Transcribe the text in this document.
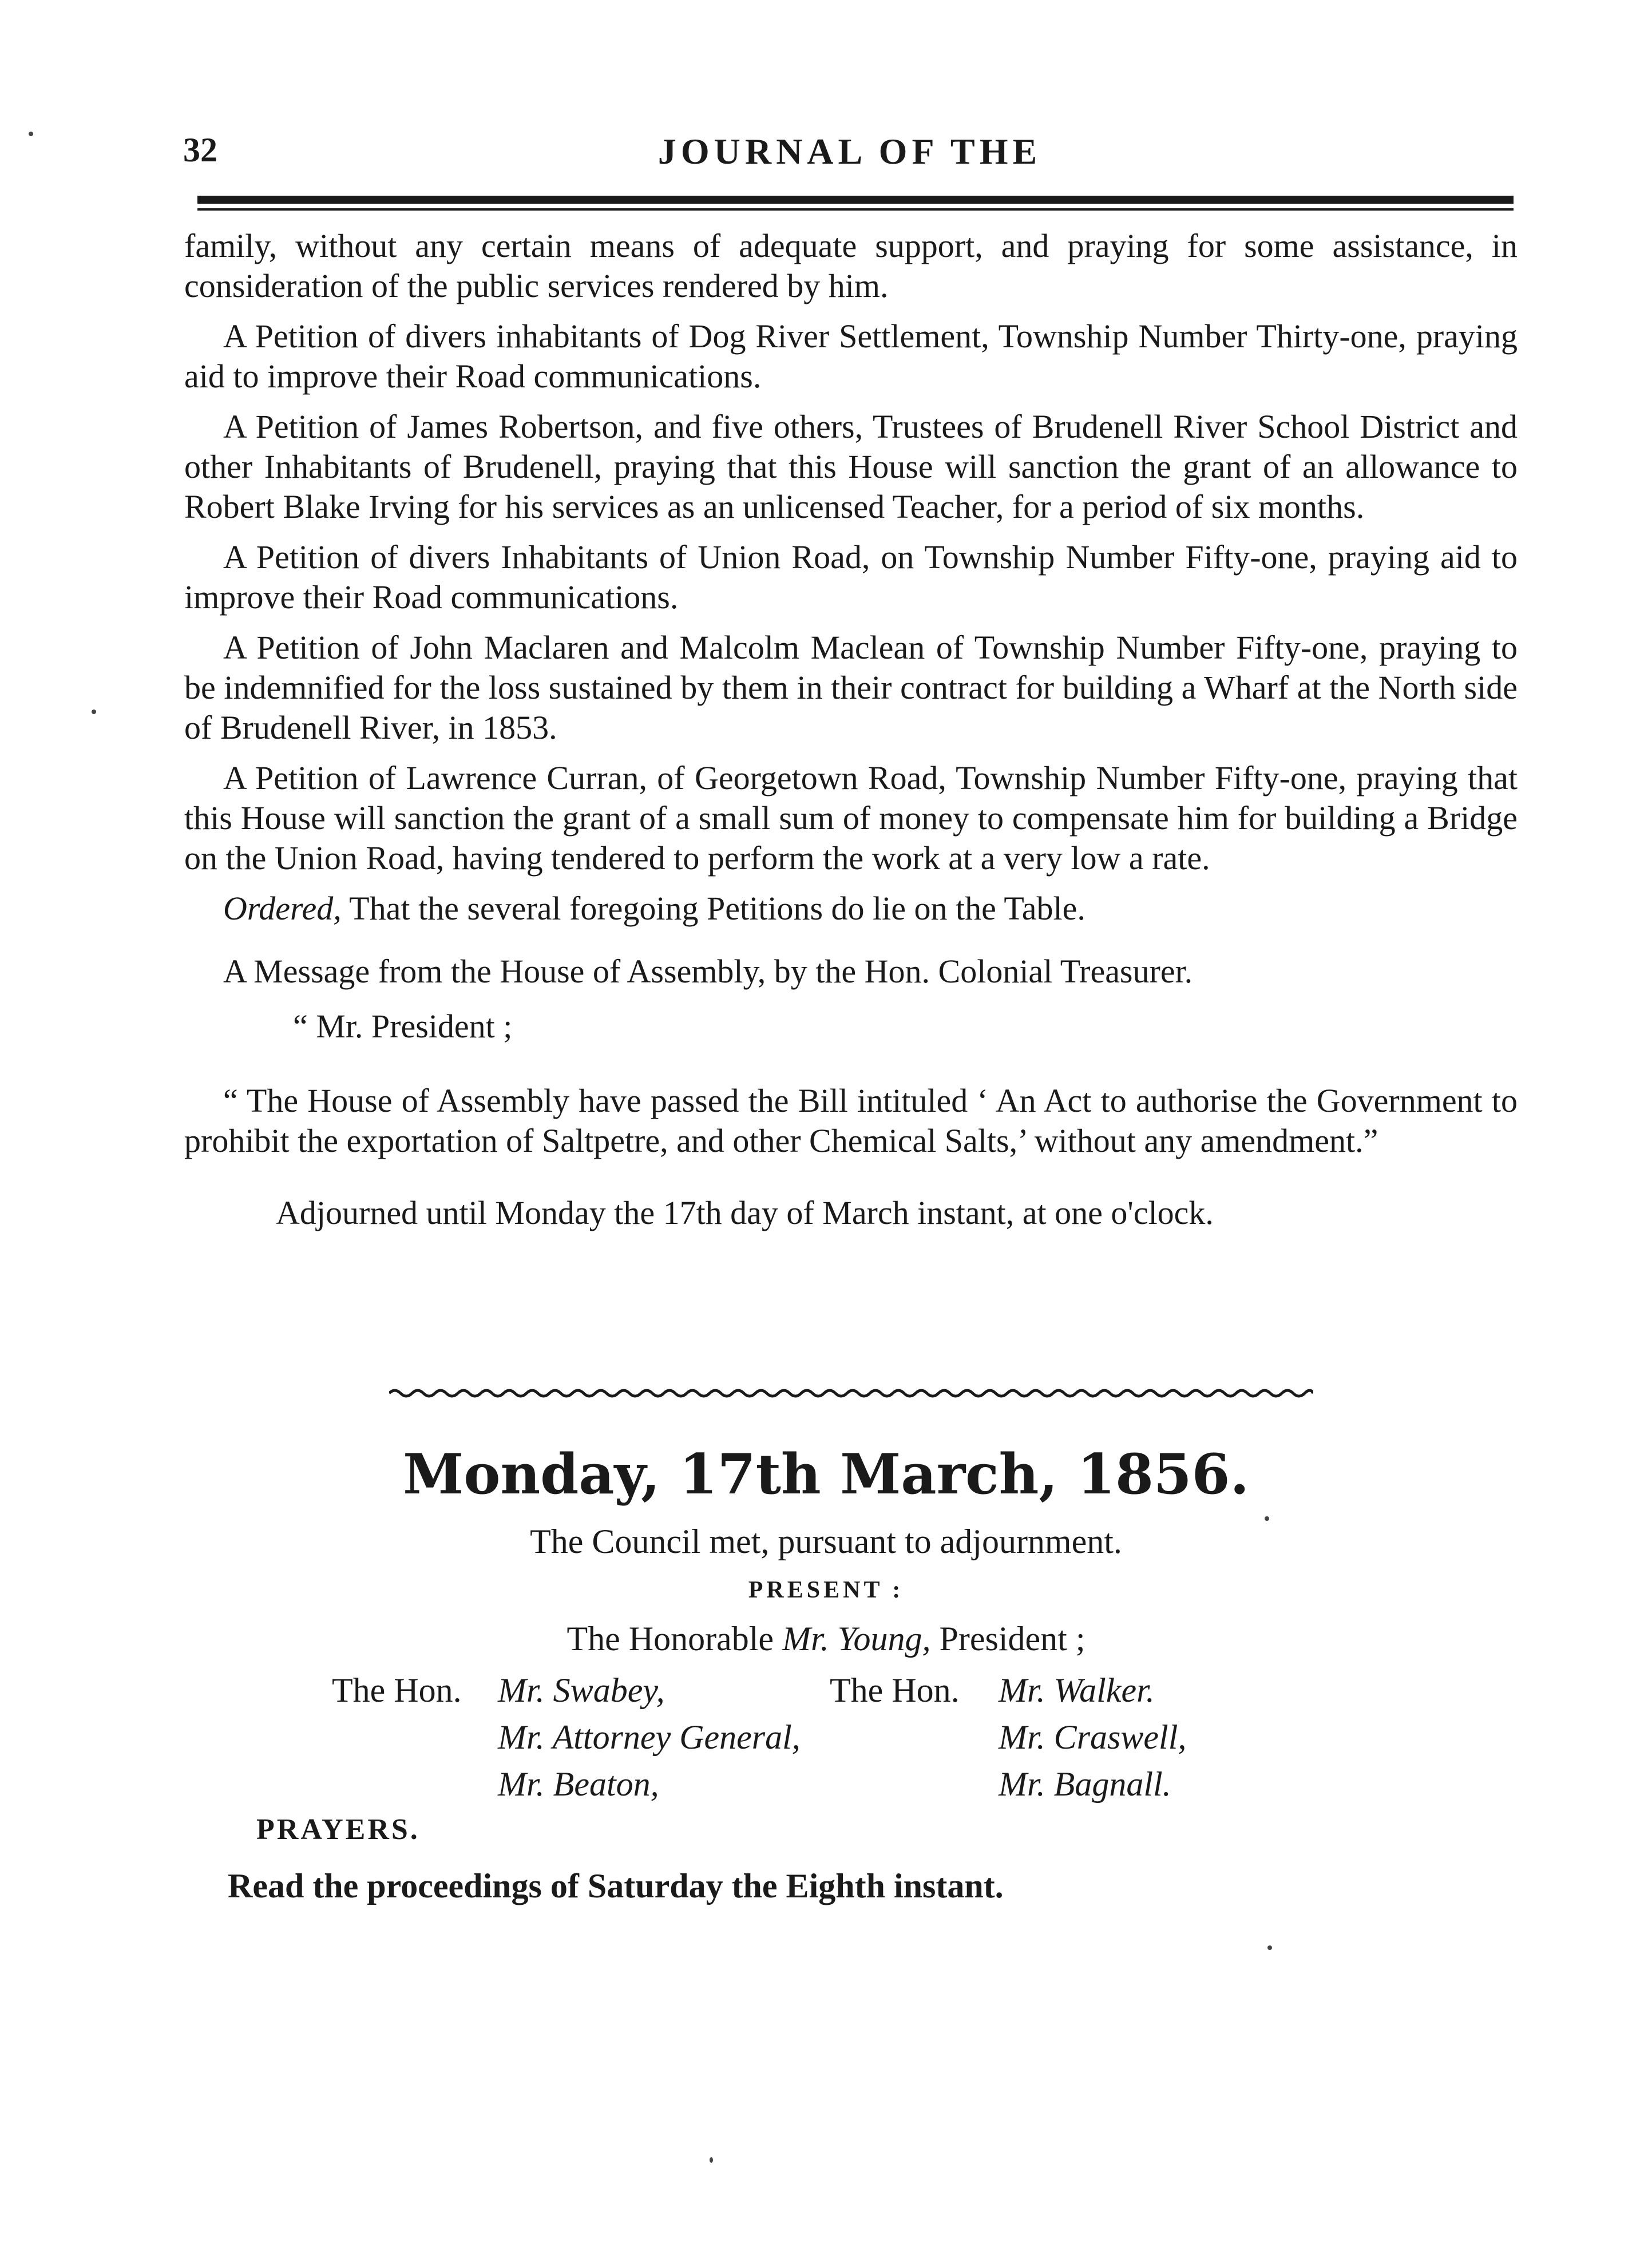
32	JOURNAL OF THE

family, without any certain means of adequate support, and praying for some assistance, in consideration of the public services rendered by him.

A Petition of divers inhabitants of Dog River Settlement, Township Number Thirty-one, praying aid to improve their Road communications.

A Petition of James Robertson, and five others, Trustees of Brudenell River School District and other Inhabitants of Brudenell, praying that this House will sanction the grant of an allowance to Robert Blake Irving for his services as an unlicensed Teacher, for a period of six months.

A Petition of divers Inhabitants of Union Road, on Township Number Fifty-one, praying aid to improve their Road communications.

A Petition of John Maclaren and Malcolm Maclean of Township Number Fifty-one, praying to be indemnified for the loss sustained by them in their contract for building a Wharf at the North side of Brudenell River, in 1853.

A Petition of Lawrence Curran, of Georgetown Road, Township Number Fifty-one, praying that this House will sanction the grant of a small sum of money to compensate him for building a Bridge on the Union Road, having tendered to perform the work at a very low a rate.

Ordered, That the several foregoing Petitions do lie on the Table.

A Message from the House of Assembly, by the Hon. Colonial Treasurer.

“ Mr. President ;

“ The House of Assembly have passed the Bill intituled ‘ An Act to authorise the Government to prohibit the exportation of Saltpetre, and other Chemical Salts,’ without any amendment.”

Adjourned until Monday the 17th day of March instant, at one o'clock.

Monday, 17th March, 1856.
The Council met, pursuant to adjournment.
PRESENT :
The Honorable Mr. Young, President ;
The Hon. Mr. Swabey,	The Hon. Mr. Walker.
Mr. Attorney General,	Mr. Craswell,
Mr. Beaton,	Mr. Bagnall.
PRAYERS.
Read the proceedings of Saturday the Eighth instant.
